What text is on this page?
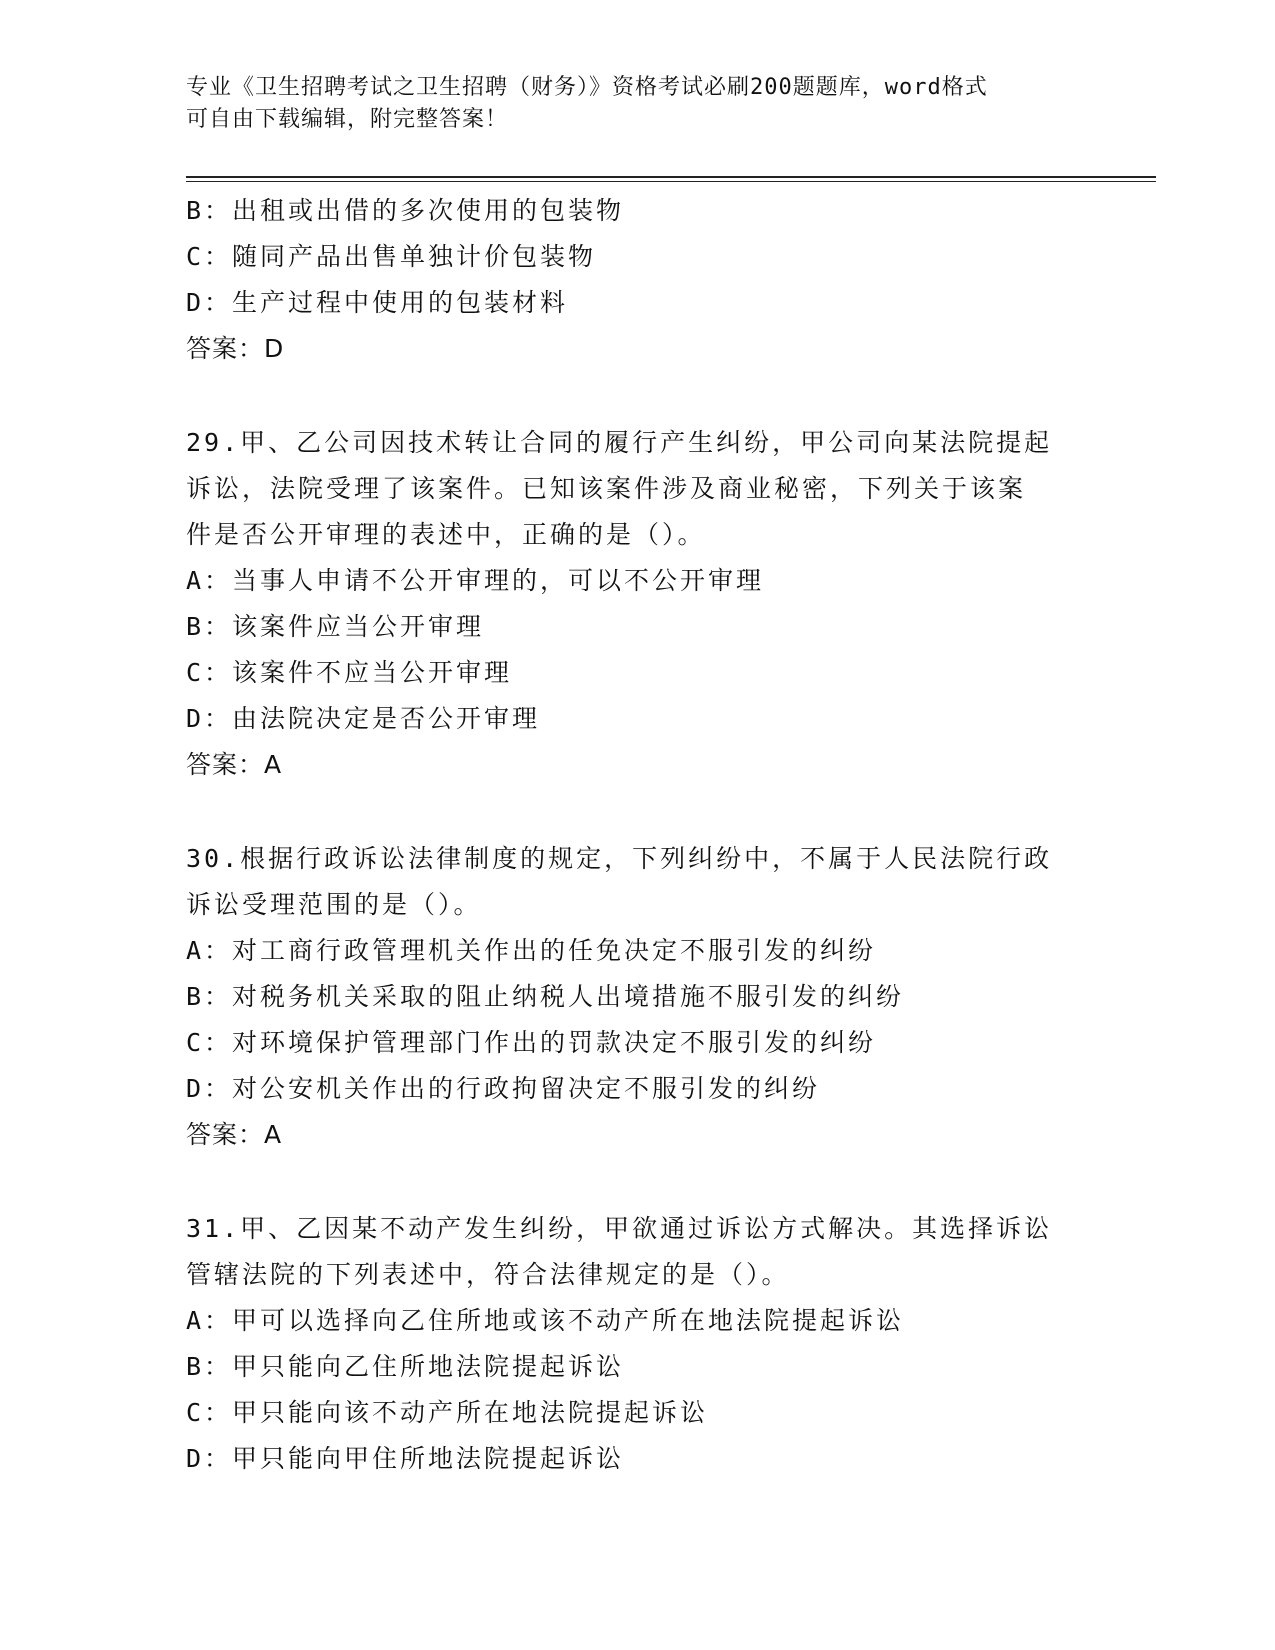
专业《卫生招聘考试之卫生招聘（财务）》资格考试必刷200题题库，word格式
可自由下载编辑，附完整答案！
B：出租或出借的多次使用的包装物
C：随同产品出售单独计价包装物
D：生产过程中使用的包装材料
答案：D
29.甲、乙公司因技术转让合同的履行产生纠纷，甲公司向某法院提起
诉讼，法院受理了该案件。已知该案件涉及商业秘密，下列关于该案
件是否公开审理的表述中，正确的是（）。
A：当事人申请不公开审理的，可以不公开审理
B：该案件应当公开审理
C：该案件不应当公开审理
D：由法院决定是否公开审理
答案：A
30.根据行政诉讼法律制度的规定，下列纠纷中，不属于人民法院行政
诉讼受理范围的是（）。
A：对工商行政管理机关作出的任免决定不服引发的纠纷
B：对税务机关采取的阻止纳税人出境措施不服引发的纠纷
C：对环境保护管理部门作出的罚款决定不服引发的纠纷
D：对公安机关作出的行政拘留决定不服引发的纠纷
答案：A
31.甲、乙因某不动产发生纠纷，甲欲通过诉讼方式解决。其选择诉讼
管辖法院的下列表述中，符合法律规定的是（）。
A：甲可以选择向乙住所地或该不动产所在地法院提起诉讼
B：甲只能向乙住所地法院提起诉讼
C：甲只能向该不动产所在地法院提起诉讼
D：甲只能向甲住所地法院提起诉讼
